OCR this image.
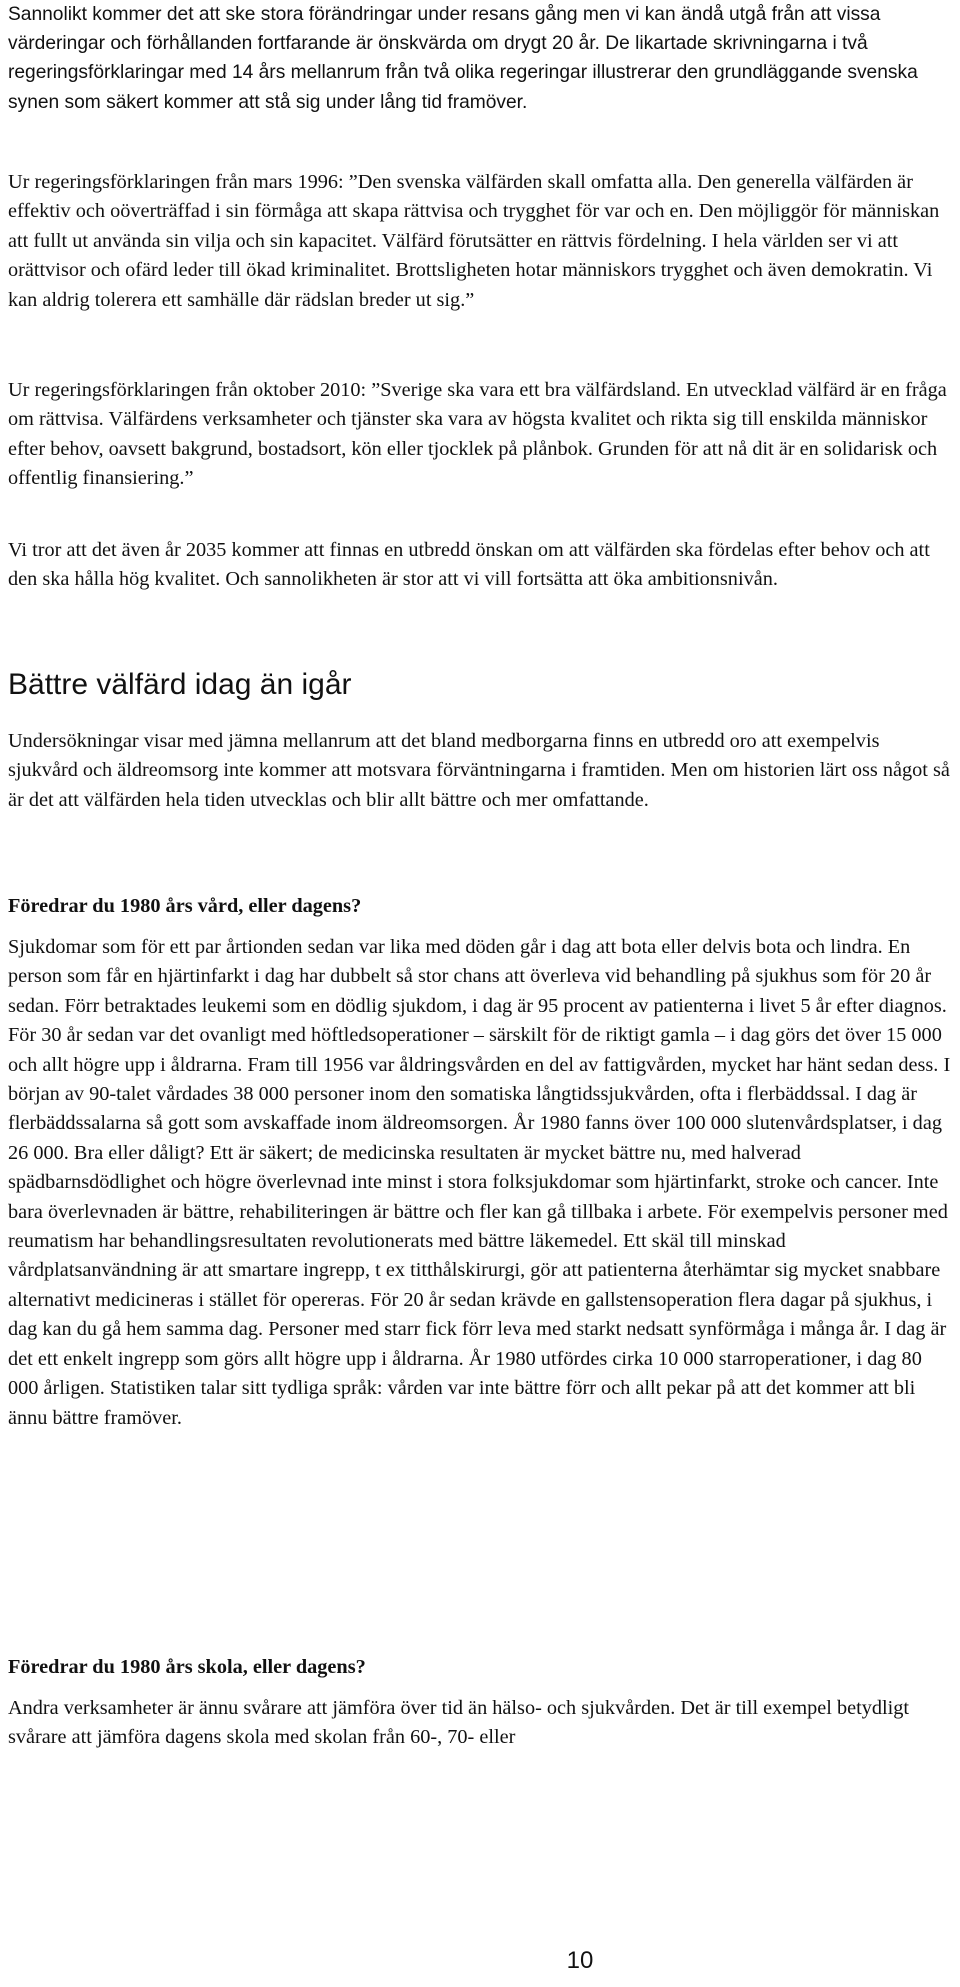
Sannolikt kommer det att ske stora förändringar under resans gång men vi kan ändå utgå från att vissa värderingar och förhållanden fortfarande är önskvärda om drygt 20 år. De likartade skrivningarna i två regeringsförklaringar med 14 års mellanrum från två olika regeringar illustrerar den grundläggande svenska synen som säkert kommer att stå sig under lång tid framöver.

Ur regeringsförklaringen från mars 1996: ”Den svenska välfärden skall omfatta alla. Den generella välfärden är effektiv och oöverträffad i sin förmåga att skapa rättvisa och trygghet för var och en. Den möjliggör för människan att fullt ut använda sin vilja och sin kapacitet. Välfärd förutsätter en rättvis fördelning. I hela världen ser vi att orättvisor och ofärd leder till ökad kriminalitet. Brottsligheten hotar människors trygghet och även demokratin. Vi kan aldrig tolerera ett samhälle där rädslan breder ut sig.”

Ur regeringsförklaringen från oktober 2010: ”Sverige ska vara ett bra välfärdsland. En utvecklad välfärd är en fråga om rättvisa. Välfärdens verksamheter och tjänster ska vara av högsta kvalitet och rikta sig till enskilda människor efter behov, oavsett bakgrund, bostadsort, kön eller tjocklek på plånbok. Grunden för att nå dit är en solidarisk och offentlig finansiering.”

Vi tror att det även år 2035 kommer att finnas en utbredd önskan om att välfärden ska fördelas efter behov och att den ska hålla hög kvalitet. Och sannolikheten är stor att vi vill fortsätta att öka ambitionsnivån.

Bättre välfärd idag än igår

Undersökningar visar med jämna mellanrum att det bland medborgarna finns en utbredd oro att exempelvis sjukvård och äldreomsorg inte kommer att motsvara förväntningarna i framtiden. Men om historien lärt oss något så är det att välfärden hela tiden utvecklas och blir allt bättre och mer omfattande.

Föredrar du 1980 års vård, eller dagens?

Sjukdomar som för ett par årtionden sedan var lika med döden går i dag att bota eller delvis bota och lindra. En person som får en hjärtinfarkt i dag har dubbelt så stor chans att överleva vid behandling på sjukhus som för 20 år sedan. Förr betraktades leukemi som en dödlig sjukdom, i dag är 95 procent av patienterna i livet 5 år efter diagnos. För 30 år sedan var det ovanligt med höftledsoperationer – särskilt för de riktigt gamla – i dag görs det över 15 000 och allt högre upp i åldrarna. Fram till 1956 var åldringsvården en del av fattigvården, mycket har hänt sedan dess. I början av 90-talet vårdades 38 000 personer inom den somatiska långtidssjukvården, ofta i flerbäddssal. I dag är flerbäddssalarna så gott som avskaffade inom äldreomsorgen. År 1980 fanns över 100 000 slutenvårdsplatser, i dag 26 000. Bra eller dåligt? Ett är säkert; de medicinska resultaten är mycket bättre nu, med halverad spädbarnsdödlighet och högre överlevnad inte minst i stora folksjukdomar som hjärtinfarkt, stroke och cancer. Inte bara överlevnaden är bättre, rehabiliteringen är bättre och fler kan gå tillbaka i arbete. För exempelvis personer med reumatism har behandlingsresultaten revolutionerats med bättre läkemedel. Ett skäl till minskad vårdplatsanvändning är att smartare ingrepp, t ex titthålskirurgi, gör att patienterna återhämtar sig mycket snabbare alternativt medicineras i stället för opereras. För 20 år sedan krävde en gallstensoperation flera dagar på sjukhus, i dag kan du gå hem samma dag. Personer med starr fick förr leva med starkt nedsatt synförmåga i många år. I dag är det ett enkelt ingrepp som görs allt högre upp i åldrarna. År 1980 utfördes cirka 10 000 starroperationer, i dag 80 000 årligen. Statistiken talar sitt tydliga språk: vården var inte bättre förr och allt pekar på att det kommer att bli ännu bättre framöver.

Föredrar du 1980 års skola, eller dagens?

Andra verksamheter är ännu svårare att jämföra över tid än hälso- och sjukvården. Det är till exempel betydligt svårare att jämföra dagens skola med skolan från 60-, 70- eller

10
